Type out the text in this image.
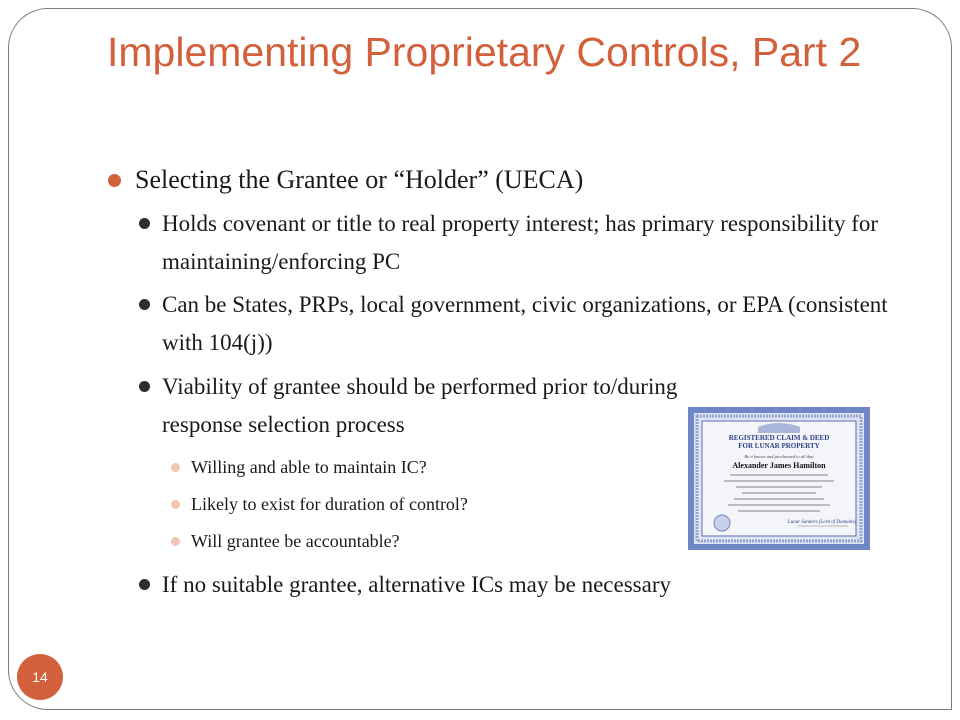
Implementing Proprietary Controls, Part 2
Selecting the Grantee or “Holder” (UECA)
Holds covenant or title to real property interest; has primary responsibility for maintaining/enforcing PC
Can be States, PRPs, local government, civic organizations, or EPA (consistent with 104(j))
Viability of grantee should be performed prior to/during response selection process
Willing and able to maintain IC?
Likely to exist for duration of control?
Will grantee be accountable?
If no suitable grantee, alternative ICs may be necessary
REGISTERED CLAIM & DEED
FOR LUNAR PROPERTY
Be it known and proclaimed to all that
Alexander James Hamilton
Lunar Sanders (Lord of Domains)
14
